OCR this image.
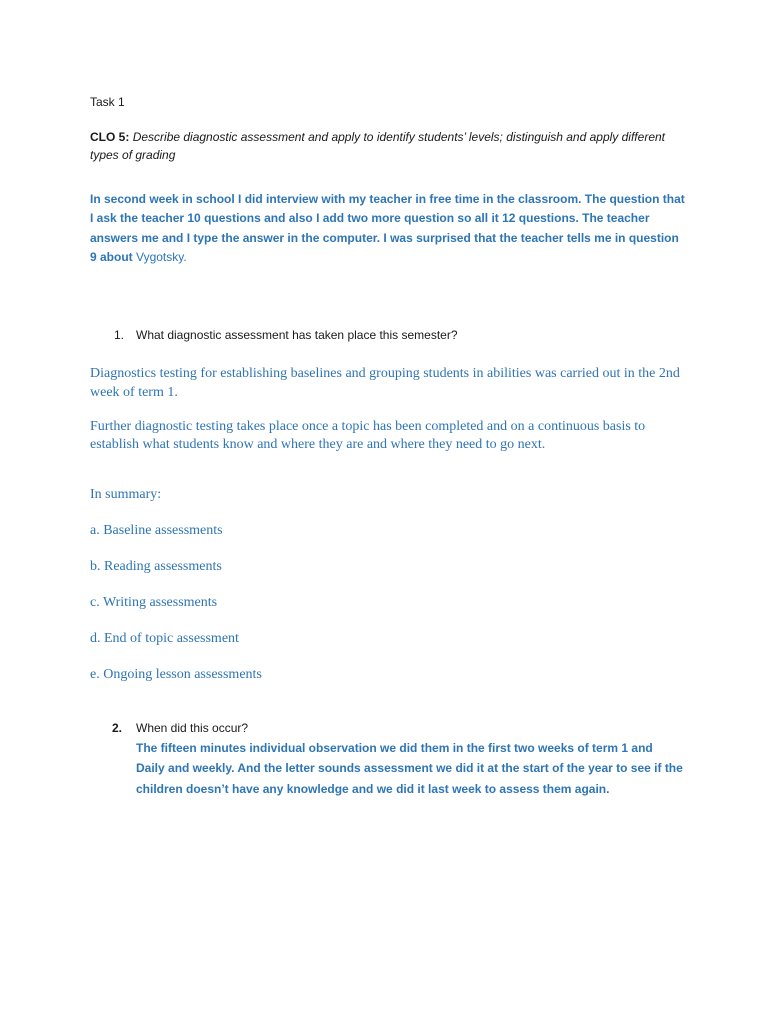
Task 1

CLO 5: Describe diagnostic assessment and apply to identify students’ levels; distinguish and apply different types of grading

In second week in school I did interview with my teacher in free time in the classroom. The question that I ask the teacher 10 questions and also I add two more question so all it 12 questions. The teacher answers me and I type the answer in the computer. I was surprised that the teacher tells me in question 9 about Vygotsky.

1. What diagnostic assessment has taken place this semester?

Diagnostics testing for establishing baselines and grouping students in abilities was carried out in the 2nd week of term 1.

Further diagnostic testing takes place once a topic has been completed and on a continuous basis to establish what students know and where they are and where they need to go next.

In summary:

a. Baseline assessments

b. Reading assessments

c. Writing assessments

d. End of topic assessment

e. Ongoing lesson assessments

2. When did this occur?

The fifteen minutes individual observation we did them in the first two weeks of term 1 and Daily and weekly. And the letter sounds assessment we did it at the start of the year to see if the children doesn’t have any knowledge and we did it last week to assess them again.
